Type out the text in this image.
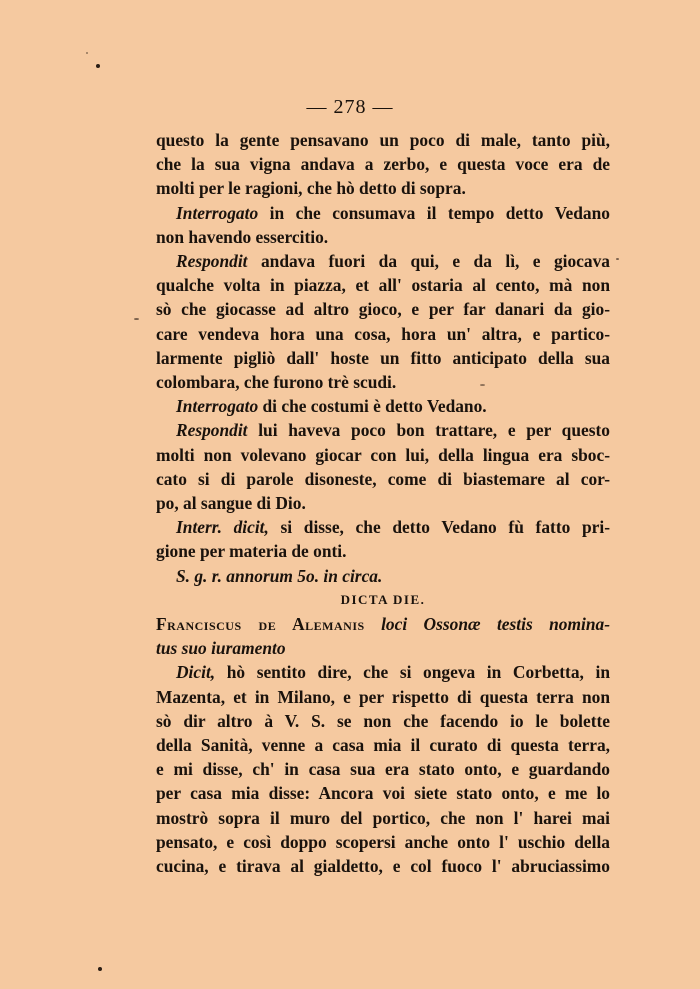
— 278 —
questo la gente pensavano un poco di male, tanto più,
che la sua vigna andava a zerbo, e questa voce era de
molti per le ragioni, che hò detto di sopra.
Interrogato in che consumava il tempo detto Vedano
non havendo essercitio.
Respondit andava fuori da qui, e da lì, e giocava
qualche volta in piazza, et all' ostaria al cento, mà non
sò che giocasse ad altro gioco, e per far danari da gio-
care vendeva hora una cosa, hora un' altra, e partico-
larmente pigliò dall' hoste un fitto anticipato della sua
colombara, che furono trè scudi.
Interrogato di che costumi è detto Vedano.
Respondit lui haveva poco bon trattare, e per questo
molti non volevano giocar con lui, della lingua era sboc-
cato si di parole disoneste, come di biastemare al cor-
po, al sangue di Dio.
Interr. dicit, si disse, che detto Vedano fù fatto pri-
gione per materia de onti.
S. g. r. annorum 5o. in circa.
DICTA DIE.
Franciscus de Alemanis loci Ossonæ testis nomina-
tus suo iuramento
Dicit, hò sentito dire, che si ongeva in Corbetta, in
Mazenta, et in Milano, e per rispetto di questa terra non
sò dir altro à V. S. se non che facendo io le bolette
della Sanità, venne a casa mia il curato di questa terra,
e mi disse, ch' in casa sua era stato onto, e guardando
per casa mia disse: Ancora voi siete stato onto, e me lo
mostrò sopra il muro del portico, che non l' harei mai
pensato, e così doppo scopersi anche onto l' uschio della
cucina, e tirava al gialdetto, e col fuoco l' abruciassimo
